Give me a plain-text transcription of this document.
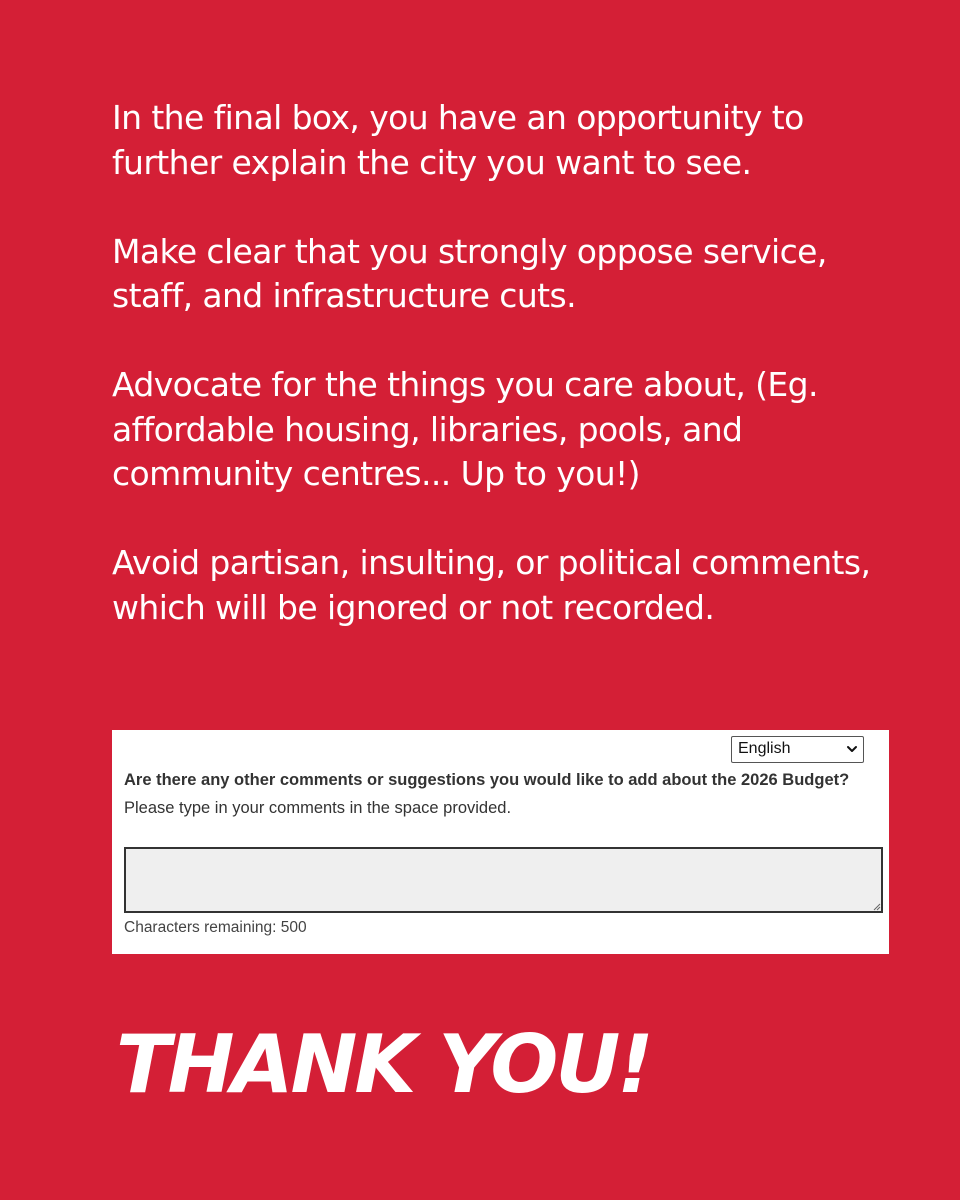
In the final box, you have an opportunity to further explain the city you want to see.

Make clear that you strongly oppose service, staff, and infrastructure cuts.

Advocate for the things you care about, (Eg. affordable housing, libraries, pools, and community centres... Up to you!)

Avoid partisan, insulting, or political comments, which will be ignored or not recorded.

English
Are there any other comments or suggestions you would like to add about the 2026 Budget? Please type in your comments in the space provided.
Characters remaining: 500
THANK YOU!
